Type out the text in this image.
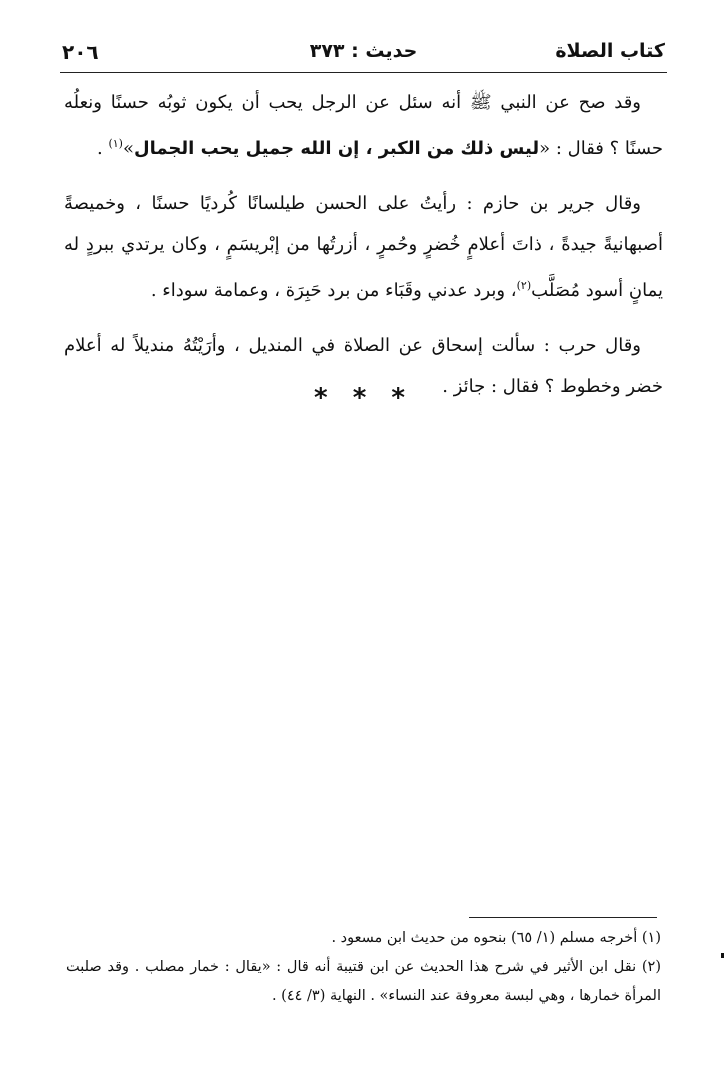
٢٠٦	حديث : ٣٧٣	كتاب الصلاة

وقد صح عن النبي ﷺ أنه سئل عن الرجل يحب أن يكون ثوبُه حسنًا ونعلُه حسنًا ؟ فقال : «ليس ذلك من الكبر ، إن الله جميل يحب الجمال»$^{(١)}$ .

وقال جرير بن حازم : رأيتُ على الحسن طيلسانًا كُرديًا حسنًا ، وخميصةً أصبهانيةً جيدةً ، ذاتَ أعلامٍ خُضرٍ وحُمرٍ ، أزرتُها من إبْريسَمٍ ، وكان يرتدي ببردٍ له يمانٍ أسود مُصَلَّب$^{(٢)}$، وبرد عدني وقَبَاء من برد حَبِرَة ، وعمامة سوداء .

وقال حرب : سألت إسحاق عن الصلاة في المنديل ، وأرَيْتُهُ منديلاً له أعلام خضر وخطوط ؟ فقال : جائز .

* * *

(١) أخرجه مسلم (١/ ٦٥) بنحوه من حديث ابن مسعود .

(٢) نقل ابن الأثير في شرح هذا الحديث عن ابن قتيبة أنه قال : «يقال : خمار مصلب . وقد صلبت المرأة خمارها ، وهي لبسة معروفة عند النساء» . النهاية (٣/ ٤٤) .
